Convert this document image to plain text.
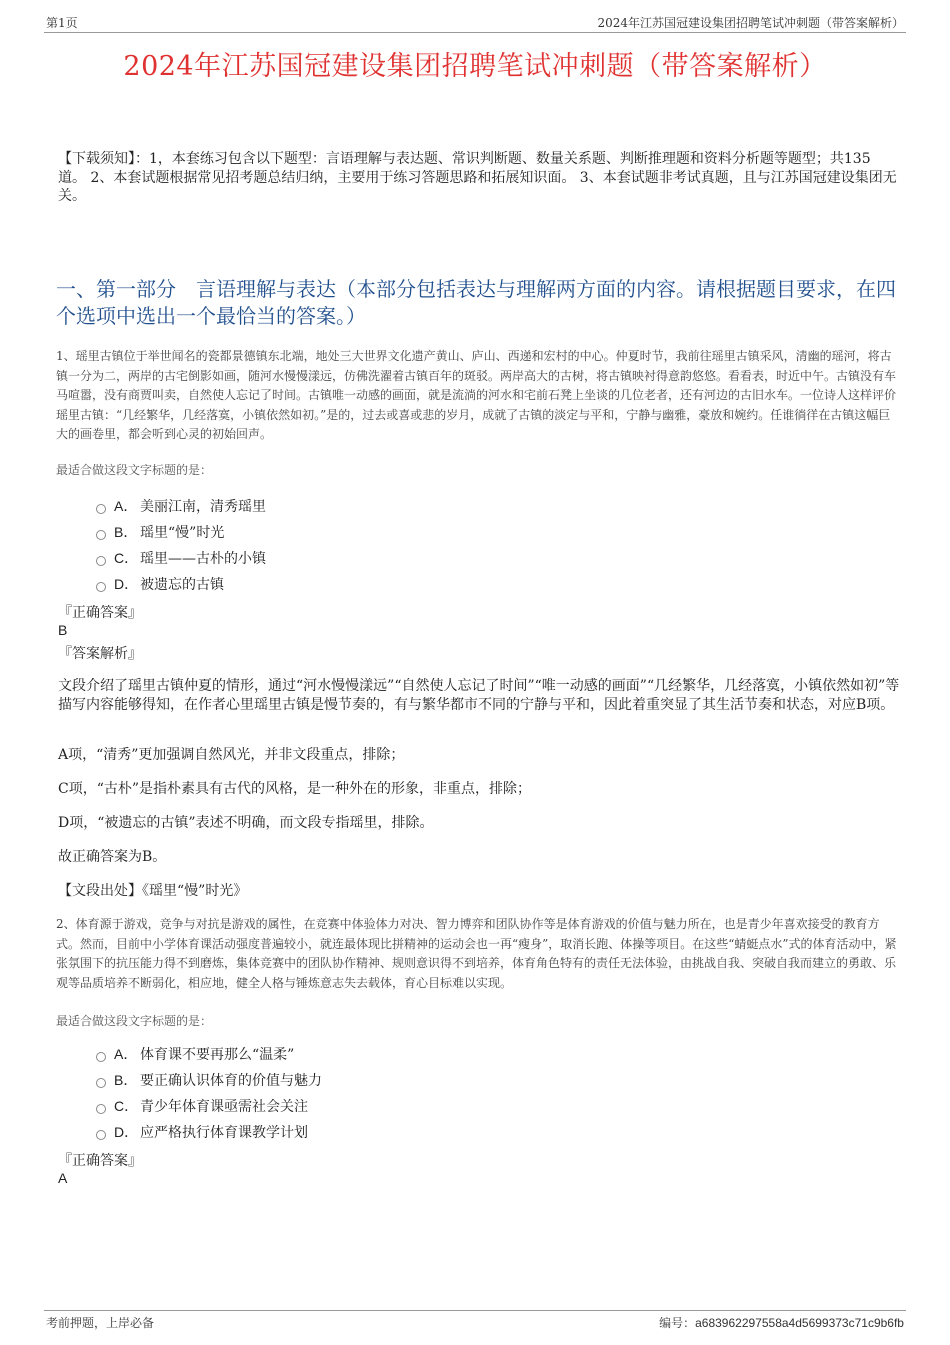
第1页	2024年江苏国冠建设集团招聘笔试冲刺题（带答案解析）
2024年江苏国冠建设集团招聘笔试冲刺题（带答案解析）
【下载须知】：1，本套练习包含以下题型：言语理解与表达题、常识判断题、数量关系题、判断推理题和资料分析题等题型；共135道。 2、本套试题根据常见招考题总结归纳，主要用于练习答题思路和拓展知识面。 3、本套试题非考试真题，且与江苏国冠建设集团无关。
一、第一部分　言语理解与表达（本部分包括表达与理解两方面的内容。请根据题目要求，在四个选项中选出一个最恰当的答案。）
1、瑶里古镇位于举世闻名的瓷都景德镇东北端，地处三大世界文化遗产黄山、庐山、西递和宏村的中心。仲夏时节，我前往瑶里古镇采风，清幽的瑶河，将古镇一分为二，两岸的古宅倒影如画，随河水慢慢漾远，仿佛洗濯着古镇百年的斑驳。两岸高大的古树，将古镇映衬得意韵悠悠。看看表，时近中午。古镇没有车马喧嚣，没有商贾叫卖，自然使人忘记了时间。古镇唯一动感的画面，就是流淌的河水和宅前石凳上坐谈的几位老者，还有河边的古旧水车。一位诗人这样评价瑶里古镇：“几经繁华，几经落寞，小镇依然如初。”是的，过去或喜或悲的岁月，成就了古镇的淡定与平和，宁静与幽雅，豪放和婉约。任谁徜徉在古镇这幅巨大的画卷里，都会听到心灵的初始回声。
最适合做这段文字标题的是：
A． 美丽江南，清秀瑶里
B． 瑶里“慢”时光
C． 瑶里——古朴的小镇
D． 被遗忘的古镇
『正确答案』
B
『答案解析』
文段介绍了瑶里古镇仲夏的情形，通过“河水慢慢漾远”“自然使人忘记了时间”“唯一动感的画面”“几经繁华，几经落寞，小镇依然如初”等描写内容能够得知，在作者心里瑶里古镇是慢节奏的，有与繁华都市不同的宁静与平和，因此着重突显了其生活节奏和状态，对应B项。
A项，“清秀”更加强调自然风光，并非文段重点，排除；
C项，“古朴”是指朴素具有古代的风格，是一种外在的形象，非重点，排除；
D项，“被遗忘的古镇”表述不明确，而文段专指瑶里，排除。
故正确答案为B。
【文段出处】《瑶里“慢”时光》
2、体育源于游戏，竞争与对抗是游戏的属性，在竞赛中体验体力对决、智力博弈和团队协作等是体育游戏的价值与魅力所在，也是青少年喜欢接受的教育方式。然而，目前中小学体育课活动强度普遍较小，就连最体现比拼精神的运动会也一再“瘦身”，取消长跑、体操等项目。在这些“蜻蜓点水”式的体育活动中，紧张氛围下的抗压能力得不到磨炼，集体竞赛中的团队协作精神、规则意识得不到培养，体育角色特有的责任无法体验，由挑战自我、突破自我而建立的勇敢、乐观等品质培养不断弱化，相应地，健全人格与锤炼意志失去载体，育心目标难以实现。
最适合做这段文字标题的是：
A． 体育课不要再那么“温柔”
B． 要正确认识体育的价值与魅力
C． 青少年体育课亟需社会关注
D． 应严格执行体育课教学计划
『正确答案』
A
考前押题，上岸必备	编号：a683962297558a4d5699373c71c9b6fb
